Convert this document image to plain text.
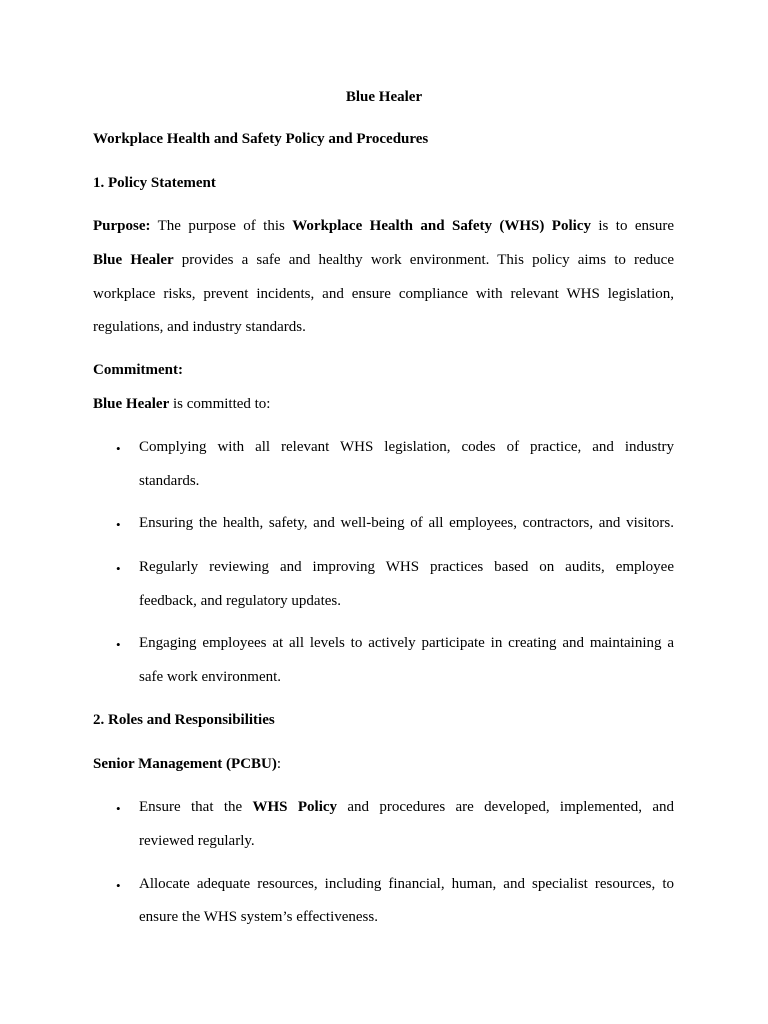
Blue Healer

Workplace Health and Safety Policy and Procedures

1. Policy Statement

Purpose: The purpose of this Workplace Health and Safety (WHS) Policy is to ensure

Blue Healer provides a safe and healthy work environment. This policy aims to reduce

workplace risks, prevent incidents, and ensure compliance with relevant WHS legislation,

regulations, and industry standards.

Commitment:

Blue Healer is committed to:

• Complying with all relevant WHS legislation, codes of practice, and industry

standards.

• Ensuring the health, safety, and well-being of all employees, contractors, and visitors.

• Regularly reviewing and improving WHS practices based on audits, employee

feedback, and regulatory updates.

• Engaging employees at all levels to actively participate in creating and maintaining a

safe work environment.

2. Roles and Responsibilities

Senior Management (PCBU):

• Ensure that the WHS Policy and procedures are developed, implemented, and

reviewed regularly.

• Allocate adequate resources, including financial, human, and specialist resources, to

ensure the WHS system’s effectiveness.
